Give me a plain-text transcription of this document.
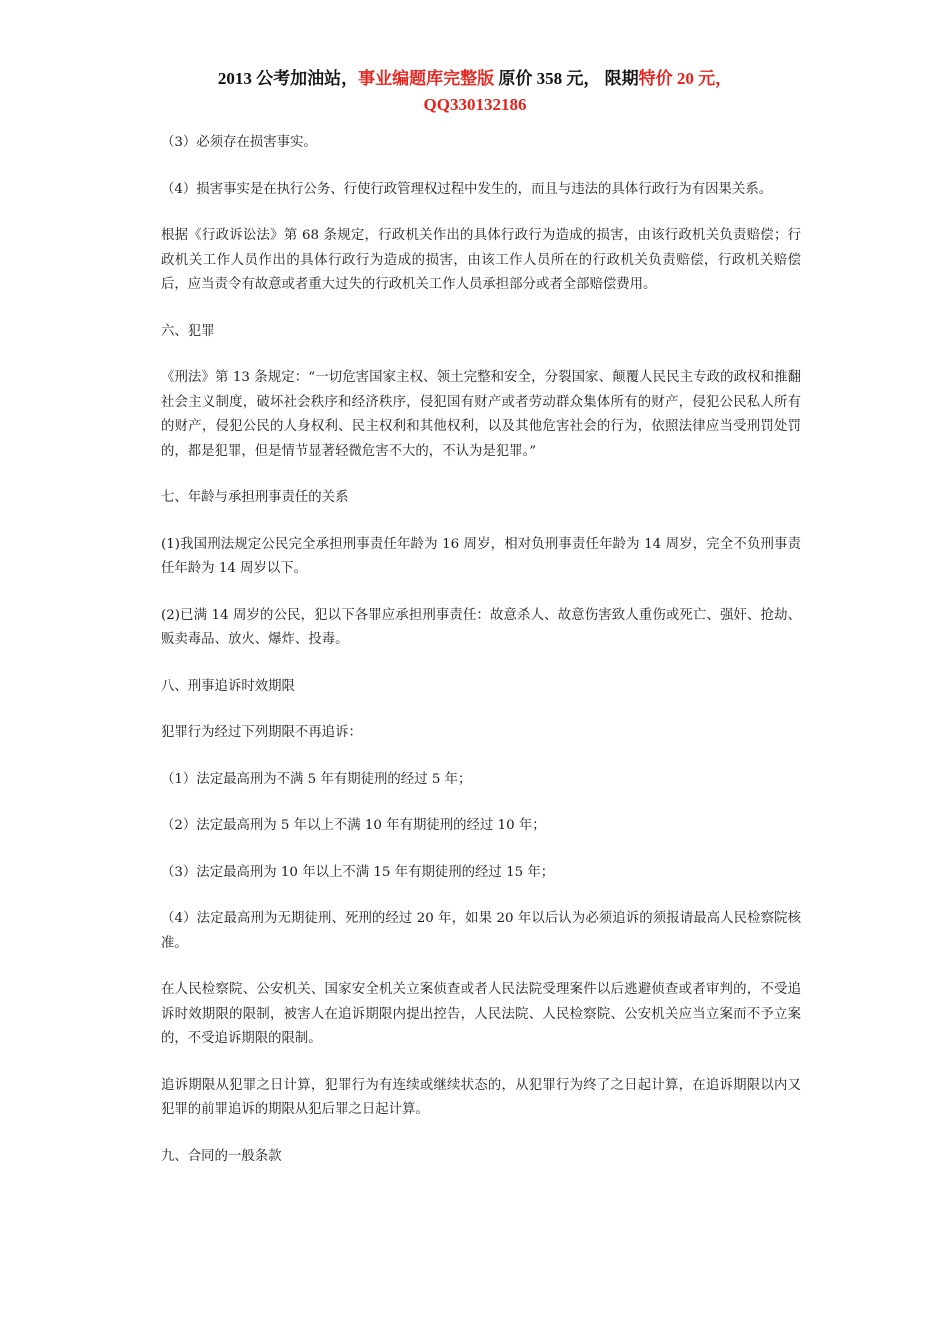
2013 公考加油站，事业编题库完整版 原价 358 元， 限期特价 20 元，
QQ330132186

（3）必须存在损害事实。

（4）损害事实是在执行公务、行使行政管理权过程中发生的，而且与违法的具体行政行为有因果关系。

根据《行政诉讼法》第 68 条规定，行政机关作出的具体行政行为造成的损害，由该行政机关负责赔偿；行政机关工作人员作出的具体行政行为造成的损害，由该工作人员所在的行政机关负责赔偿，行政机关赔偿后，应当责令有故意或者重大过失的行政机关工作人员承担部分或者全部赔偿费用。

六、犯罪

《刑法》第 13 条规定：“一切危害国家主权、领土完整和安全，分裂国家、颠覆人民民主专政的政权和推翻社会主义制度，破坏社会秩序和经济秩序，侵犯国有财产或者劳动群众集体所有的财产，侵犯公民私人所有的财产，侵犯公民的人身权利、民主权利和其他权利，以及其他危害社会的行为，依照法律应当受刑罚处罚的，都是犯罪，但是情节显著轻微危害不大的，不认为是犯罪。”

七、年龄与承担刑事责任的关系

(1)我国刑法规定公民完全承担刑事责任年龄为 16 周岁，相对负刑事责任年龄为 14 周岁，完全不负刑事责任年龄为 14 周岁以下。

(2)已满 14 周岁的公民，犯以下各罪应承担刑事责任：故意杀人、故意伤害致人重伤或死亡、强奸、抢劫、贩卖毒品、放火、爆炸、投毒。

八、刑事追诉时效期限

犯罪行为经过下列期限不再追诉：

（1）法定最高刑为不满 5 年有期徒刑的经过 5 年；

（2）法定最高刑为 5 年以上不满 10 年有期徒刑的经过 10 年；

（3）法定最高刑为 10 年以上不满 15 年有期徒刑的经过 15 年；

（4）法定最高刑为无期徒刑、死刑的经过 20 年，如果 20 年以后认为必须追诉的须报请最高人民检察院核准。

在人民检察院、公安机关、国家安全机关立案侦查或者人民法院受理案件以后逃避侦查或者审判的，不受追诉时效期限的限制，被害人在追诉期限内提出控告，人民法院、人民检察院、公安机关应当立案而不予立案的，不受追诉期限的限制。

追诉期限从犯罪之日计算，犯罪行为有连续或继续状态的，从犯罪行为终了之日起计算，在追诉期限以内又犯罪的前罪追诉的期限从犯后罪之日起计算。

九、合同的一般条款
